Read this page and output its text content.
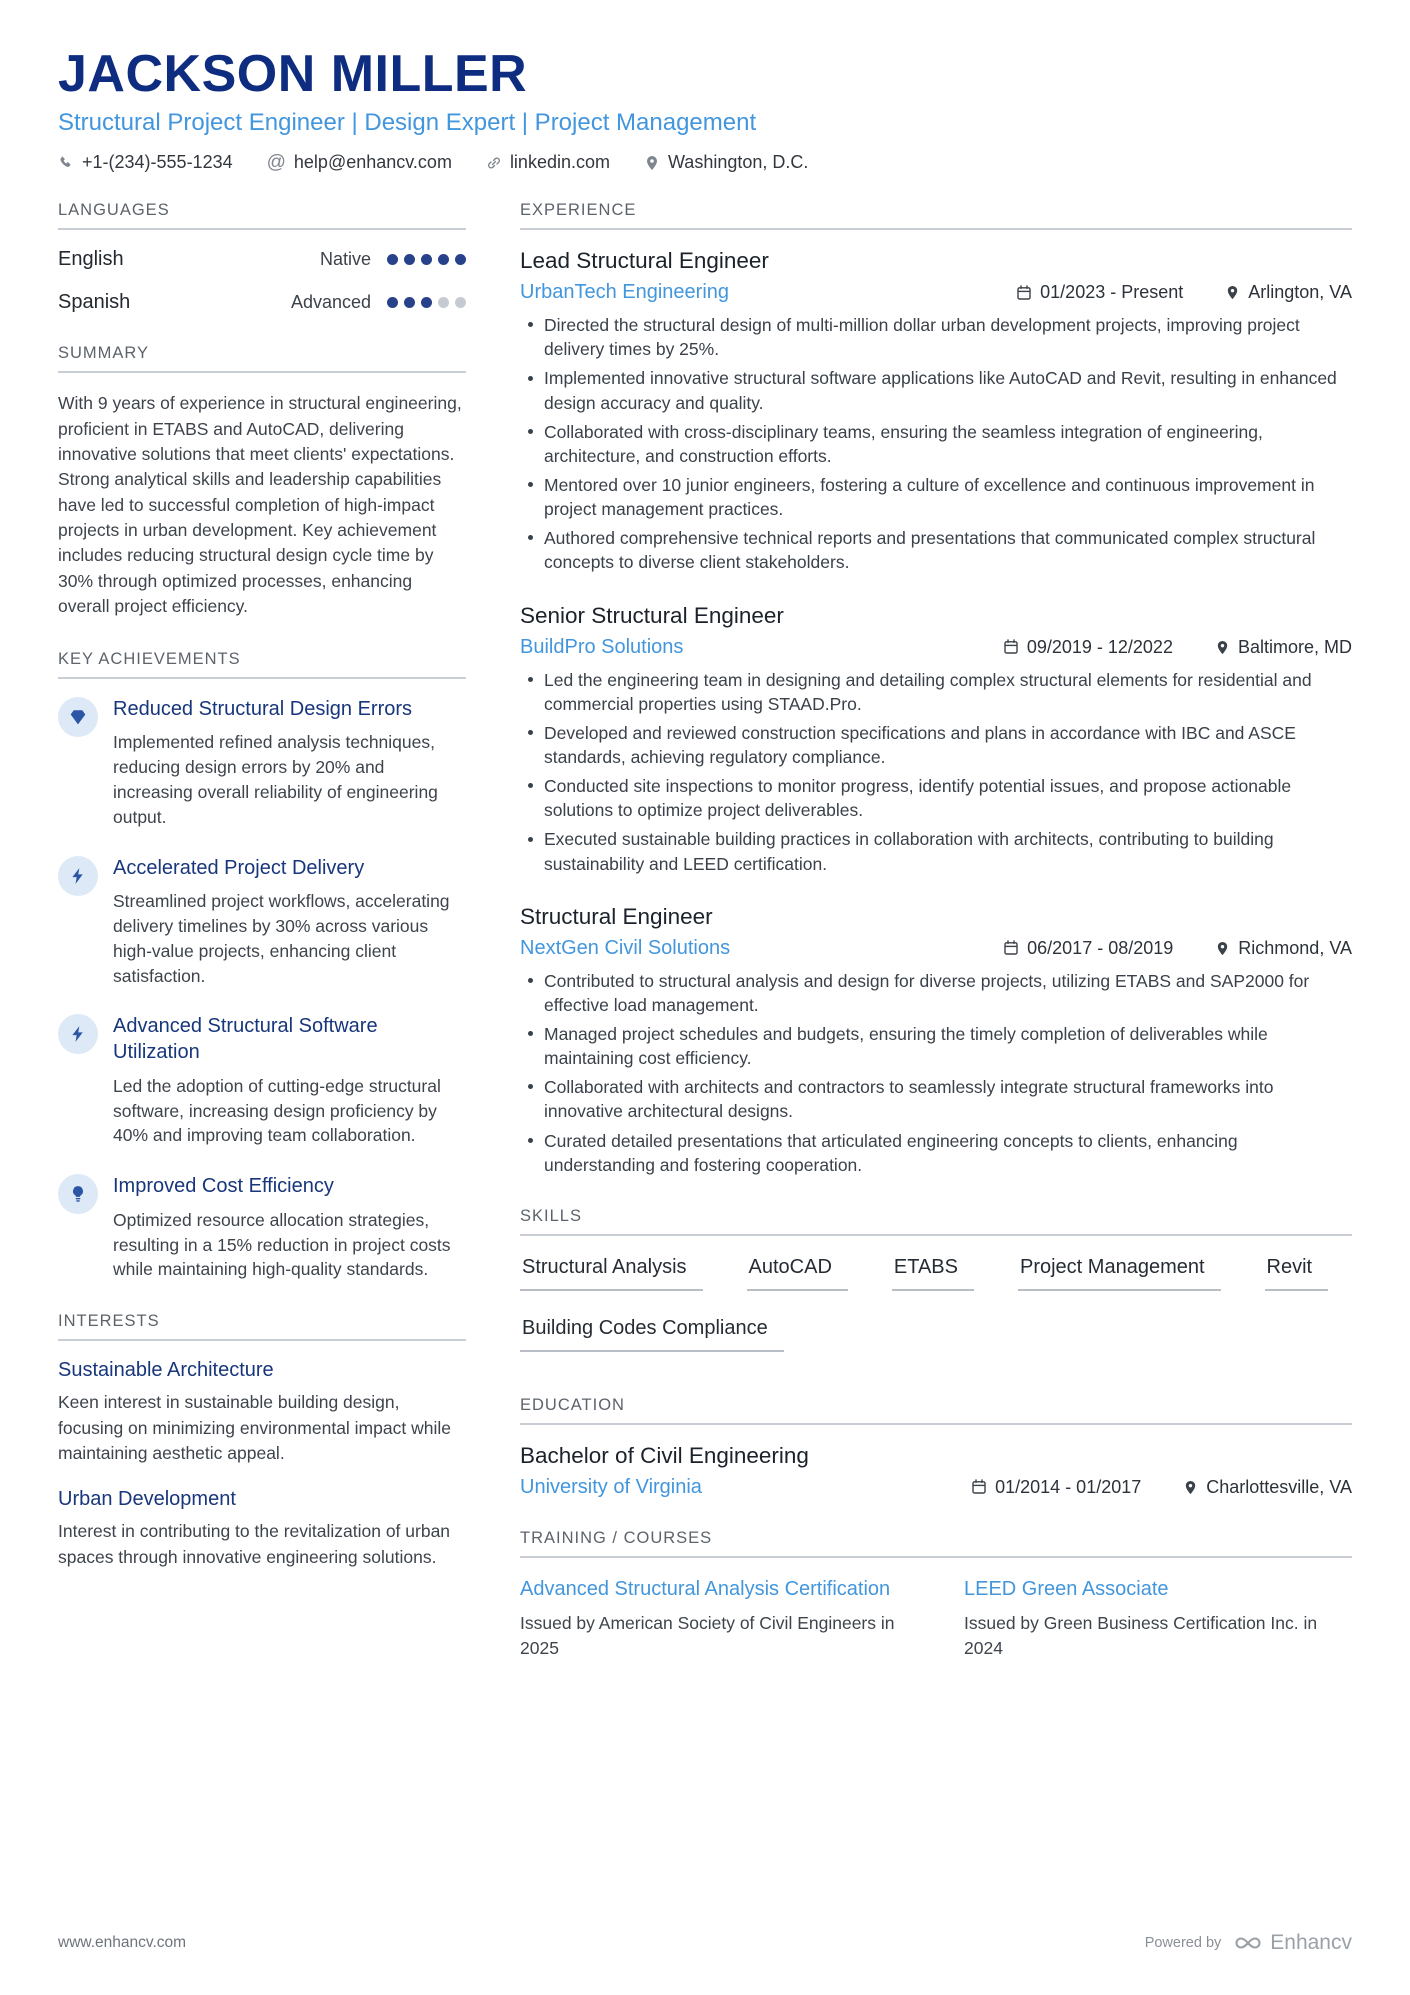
JACKSON MILLER
Structural Project Engineer | Design Expert | Project Management
+1-(234)-555-1234 @ help@enhancv.com	linkedin.com	Washington, D.C.
LANGUAGES
English	Native
Spanish	Advanced
SUMMARY

With 9 years of experience in structural engineering, proficient in ETABS and AutoCAD, delivering innovative solutions that meet clients' expectations. Strong analytical skills and leadership capabilities have led to successful completion of high-impact projects in urban development. Key achievement includes reducing structural design cycle time by 30% through optimized processes, enhancing overall project efficiency.

KEY ACHIEVEMENTS
Reduced Structural Design Errors
Implemented refined analysis techniques, reducing design errors by 20% and increasing overall reliability of engineering output.
Accelerated Project Delivery
Streamlined project workflows, accelerating delivery timelines by 30% across various high-value projects, enhancing client satisfaction.
Advanced Structural Software Utilization
Led the adoption of cutting-edge structural software, increasing design proficiency by 40% and improving team collaboration.
Improved Cost Efficiency
Optimized resource allocation strategies, resulting in a 15% reduction in project costs while maintaining high-quality standards.
INTERESTS
Sustainable Architecture
Keen interest in sustainable building design, focusing on minimizing environmental impact while maintaining aesthetic appeal.
Urban Development
Interest in contributing to the revitalization of urban spaces through innovative engineering solutions.
EXPERIENCE
Lead Structural Engineer
UrbanTech Engineering	01/2023 - Present	Arlington, VA
Directed the structural design of multi-million dollar urban development projects, improving project delivery times by 25%.
Implemented innovative structural software applications like AutoCAD and Revit, resulting in enhanced design accuracy and quality.
Collaborated with cross-disciplinary teams, ensuring the seamless integration of engineering, architecture, and construction efforts.
Mentored over 10 junior engineers, fostering a culture of excellence and continuous improvement in project management practices.
Authored comprehensive technical reports and presentations that communicated complex structural concepts to diverse client stakeholders.
Senior Structural Engineer
BuildPro Solutions	09/2019 - 12/2022	Baltimore, MD
Led the engineering team in designing and detailing complex structural elements for residential and commercial properties using STAAD.Pro.
Developed and reviewed construction specifications and plans in accordance with IBC and ASCE standards, achieving regulatory compliance.
Conducted site inspections to monitor progress, identify potential issues, and propose actionable solutions to optimize project deliverables.
Executed sustainable building practices in collaboration with architects, contributing to building sustainability and LEED certification.
Structural Engineer
NextGen Civil Solutions	06/2017 - 08/2019	Richmond, VA
Contributed to structural analysis and design for diverse projects, utilizing ETABS and SAP2000 for effective load management.
Managed project schedules and budgets, ensuring the timely completion of deliverables while maintaining cost efficiency.
Collaborated with architects and contractors to seamlessly integrate structural frameworks into innovative architectural designs.
Curated detailed presentations that articulated engineering concepts to clients, enhancing understanding and fostering cooperation.
SKILLS
Structural Analysis	AutoCAD	ETABS	Project Management	Revit
Building Codes Compliance
EDUCATION
Bachelor of Civil Engineering
University of Virginia	01/2014 - 01/2017	Charlottesville, VA
TRAINING / COURSES
Advanced Structural Analysis Certification
Issued by American Society of Civil Engineers in 2025
LEED Green Associate
Issued by Green Business Certification Inc. in 2024
www.enhancv.com	Powered by Enhancv
